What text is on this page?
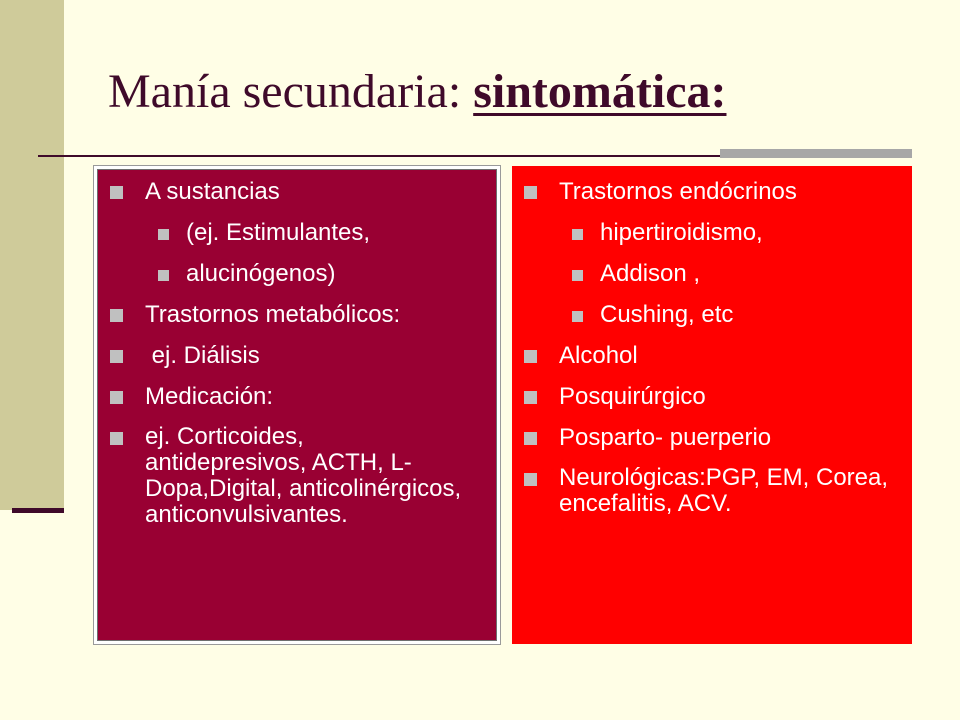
Manía secundaria: sintomática:
A sustancias
(ej. Estimulantes,
alucinógenos)
Trastornos metabólicos:
ej. Diálisis
Medicación:
ej. Corticoides, antidepresivos, ACTH, L-Dopa,Digital, anticolinérgicos, anticonvulsivantes.
Trastornos endócrinos
hipertiroidismo,
Addison ,
Cushing, etc
Alcohol
Posquirúrgico
Posparto- puerperio
Neurológicas:PGP, EM, Corea, encefalitis, ACV.
